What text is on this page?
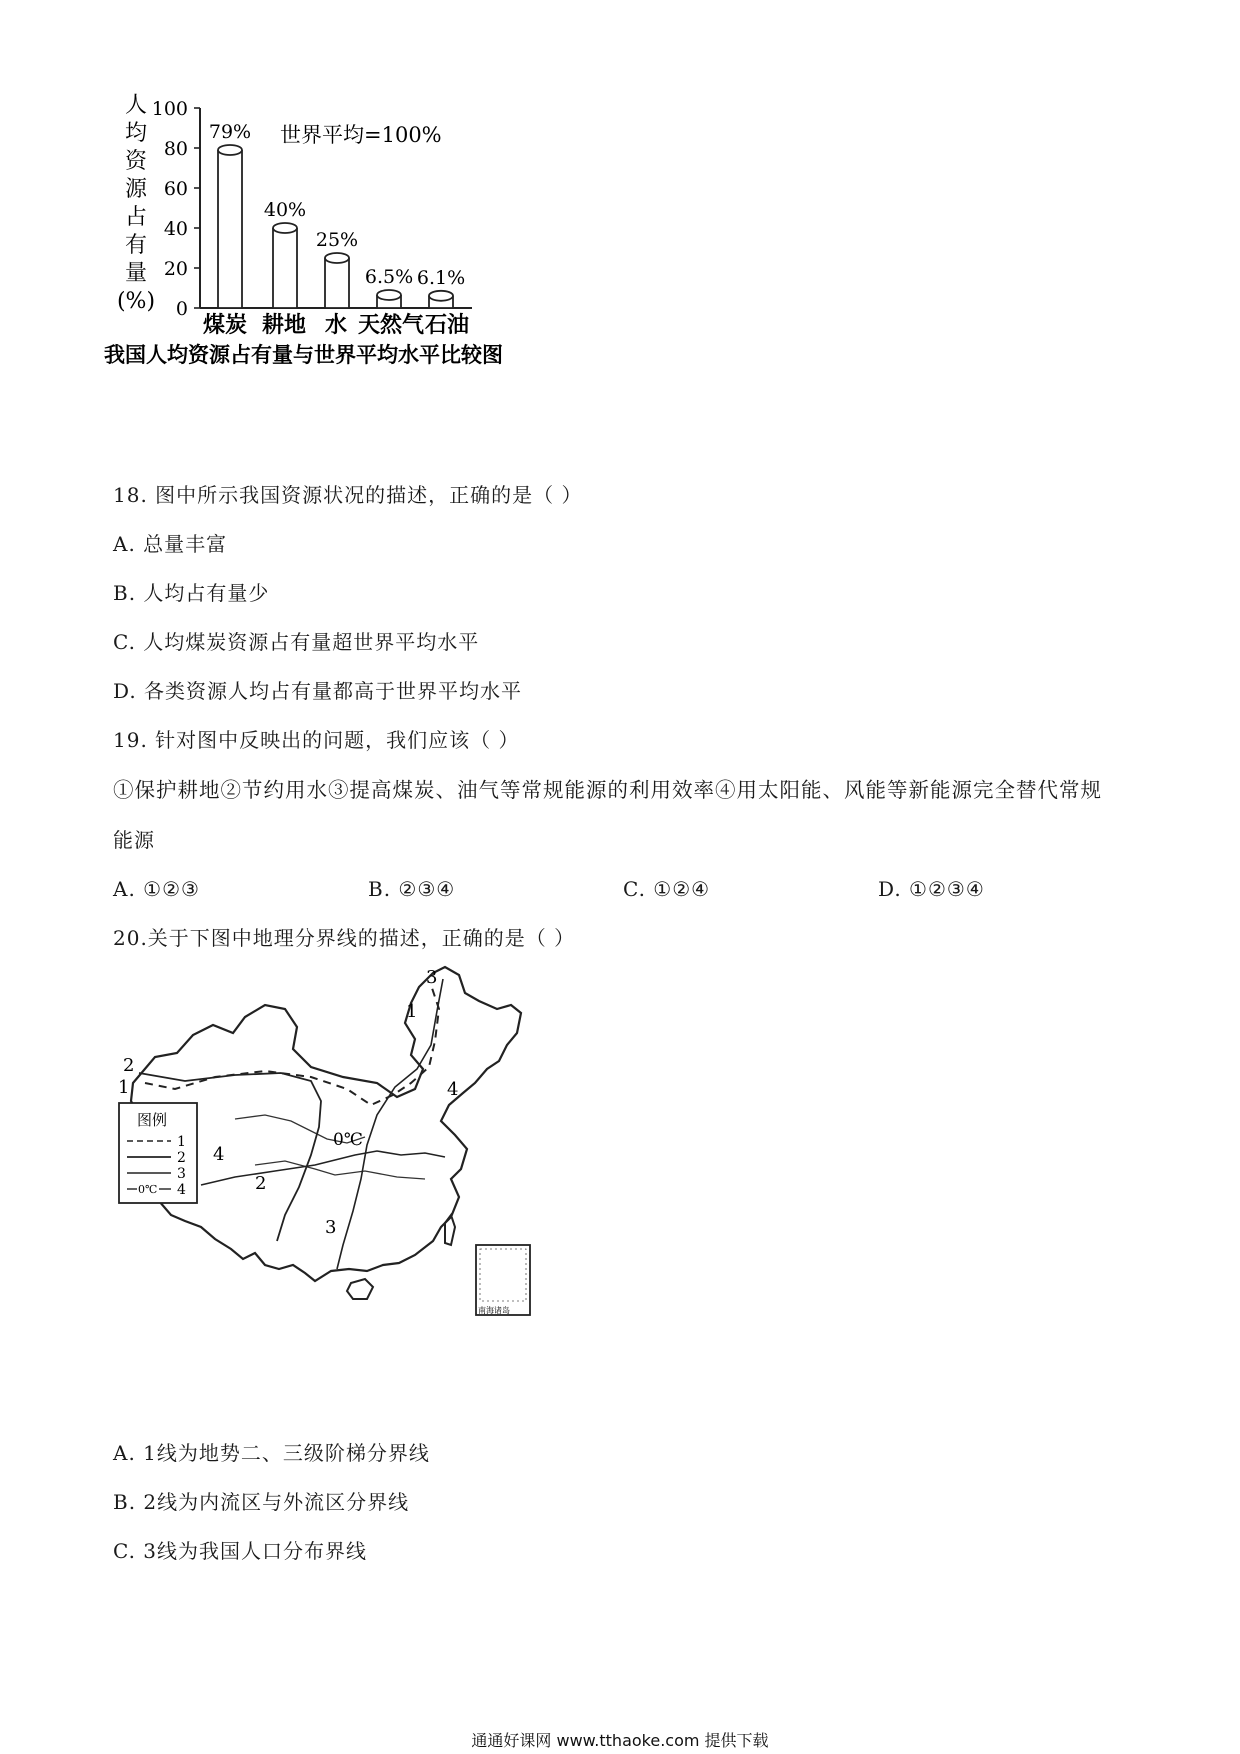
人
均
资
源
占
有
量
(%) 0
20
40
60
80
100
79%
40%
25%
6.5% 6.1%
世界平均=100%
煤炭 耕地 水 天然气 石油
我国人均资源占有量与世界平均水平比较图
18. 图中所示我国资源状况的描述，正确的是（ ）
A. 总量丰富
B. 人均占有量少
C. 人均煤炭资源占有量超世界平均水平
D. 各类资源人均占有量都高于世界平均水平
19. 针对图中反映出的问题，我们应该（ ）
①保护耕地②节约用水③提高煤炭、油气等常规能源的利用效率④用太阳能、风能等新能源完全替代常规
能源
A. ①②③	B. ②③④	C. ①②④	D. ①②③④
20.关于下图中地理分界线的描述，正确的是（ ）
0℃
1
2
1
3
4
4
2
3
图例
1
2
3
0℃ 4
南海诸岛
A. 1线为地势二、三级阶梯分界线
B. 2线为内流区与外流区分界线
C. 3线为我国人口分布界线
通通好课网 www.tthaoke.com 提供下载
